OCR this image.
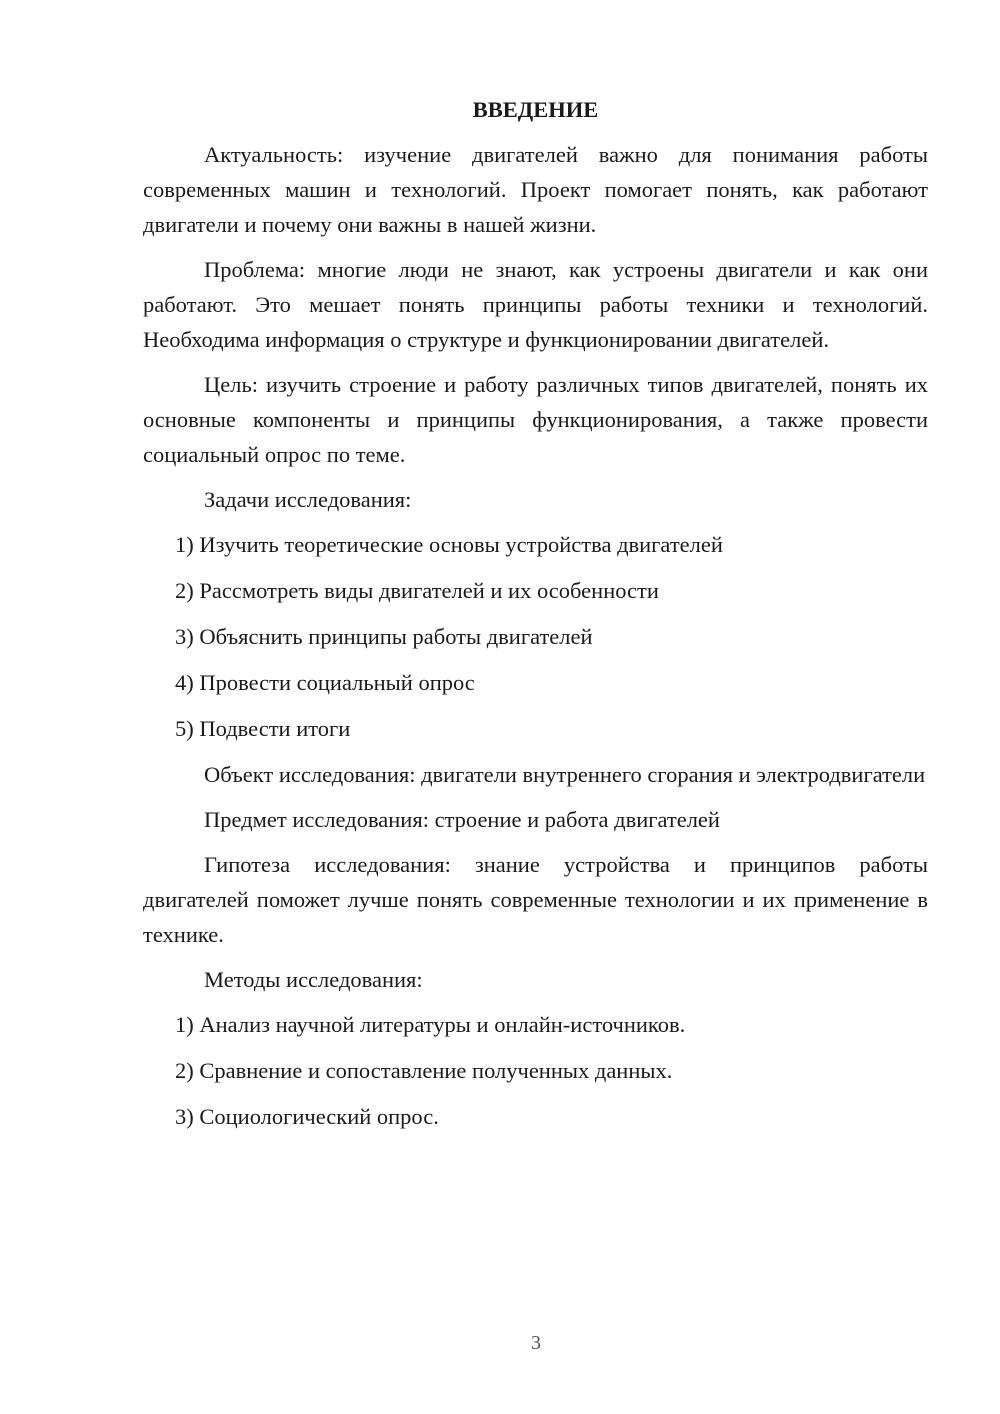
ВВЕДЕНИЕ

Актуальность: изучение двигателей важно для понимания работы современных машин и технологий. Проект помогает понять, как работают двигатели и почему они важны в нашей жизни.

Проблема: многие люди не знают, как устроены двигатели и как они работают. Это мешает понять принципы работы техники и технологий. Необходима информация о структуре и функционировании двигателей.

Цель: изучить строение и работу различных типов двигателей, понять их основные компоненты и принципы функционирования, а также провести социальный опрос по теме.

Задачи исследования:

1) Изучить теоретические основы устройства двигателей
2) Рассмотреть виды двигателей и их особенности
3) Объяснить принципы работы двигателей
4) Провести социальный опрос
5) Подвести итоги

Объект исследования: двигатели внутреннего сгорания и электродвигатели

Предмет исследования: строение и работа двигателей

Гипотеза исследования: знание устройства и принципов работы двигателей поможет лучше понять современные технологии и их применение в технике.

Методы исследования:

1) Анализ научной литературы и онлайн-источников.
2) Сравнение и сопоставление полученных данных.
3) Социологический опрос.
3
